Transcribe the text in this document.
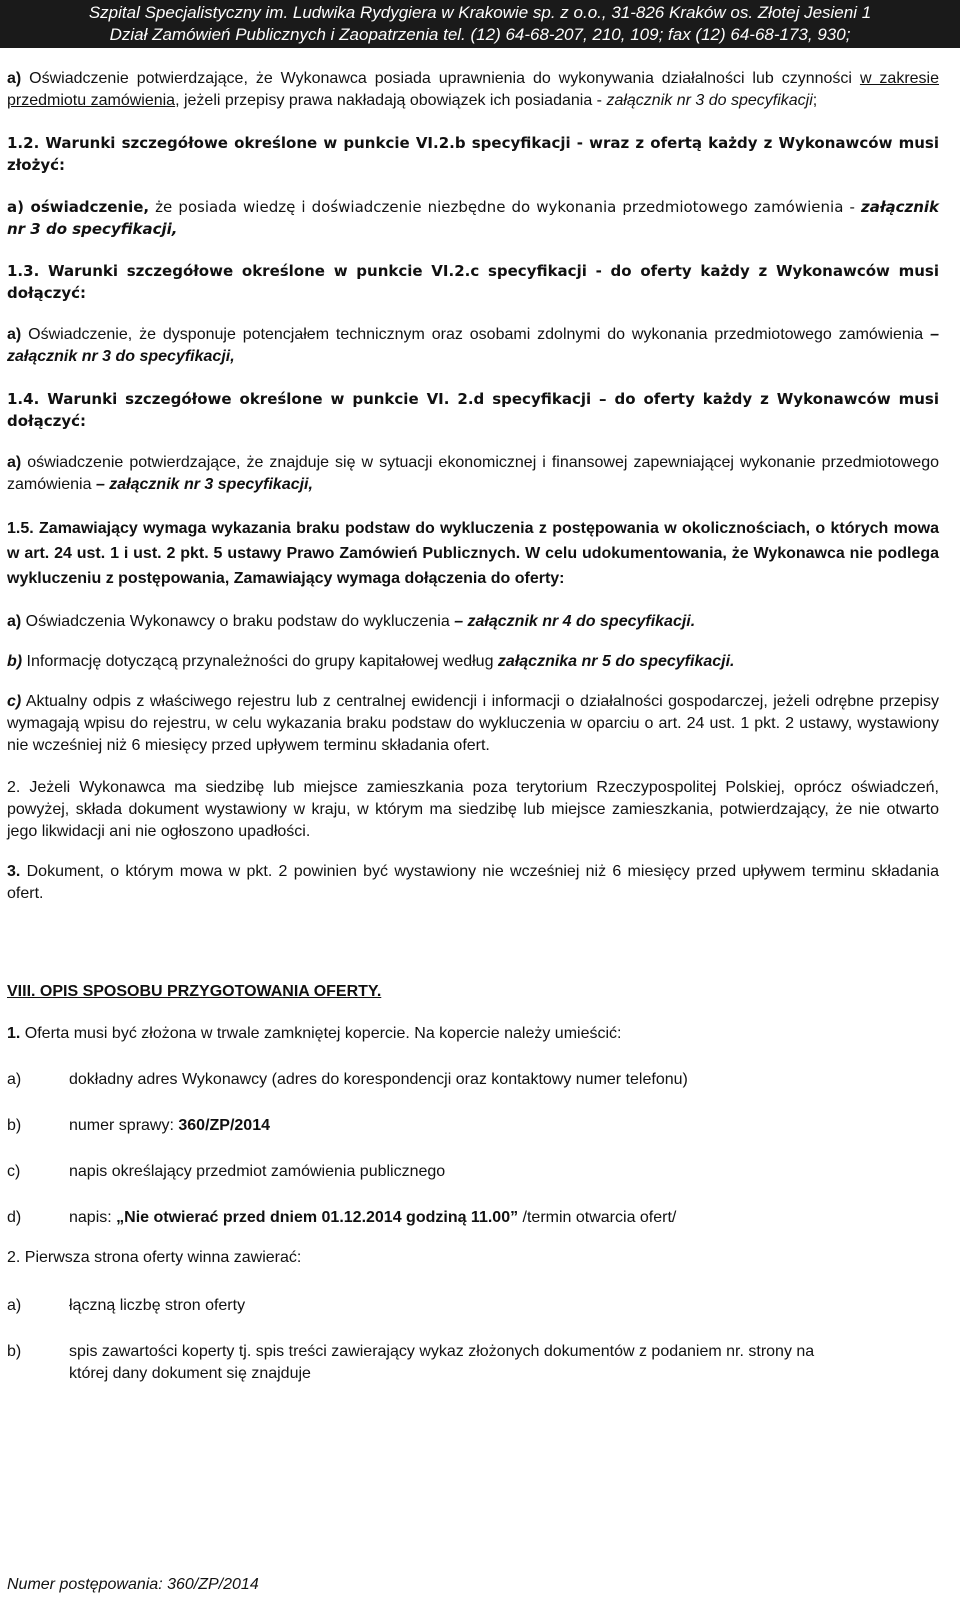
Szpital Specjalistyczny im. Ludwika Rydygiera w Krakowie sp. z o.o., 31-826 Kraków os. Złotej Jesieni 1
Dział Zamówień Publicznych i Zaopatrzenia tel. (12) 64-68-207, 210, 109; fax (12) 64-68-173, 930;

a) Oświadczenie potwierdzające, że Wykonawca posiada uprawnienia do wykonywania działalności lub czynności w zakresie przedmiotu zamówienia, jeżeli przepisy prawa nakładają obowiązek ich posiadania - załącznik nr 3 do specyfikacji;

1.2. Warunki szczegółowe określone w punkcie VI.2.b specyfikacji - wraz z ofertą każdy z Wykonawców musi złożyć:

a) oświadczenie, że posiada wiedzę i doświadczenie niezbędne do wykonania przedmiotowego zamówienia - załącznik nr 3 do specyfikacji,

1.3. Warunki szczegółowe określone w punkcie VI.2.c specyfikacji - do oferty każdy z Wykonawców musi dołączyć:

a) Oświadczenie, że dysponuje potencjałem technicznym oraz osobami zdolnymi do wykonania przedmiotowego zamówienia – załącznik nr 3 do specyfikacji,

1.4. Warunki szczegółowe określone w punkcie VI. 2.d specyfikacji – do oferty każdy z Wykonawców musi dołączyć:

a) oświadczenie potwierdzające, że znajduje się w sytuacji ekonomicznej i finansowej zapewniającej wykonanie przedmiotowego zamówienia – załącznik nr 3 specyfikacji,

1.5. Zamawiający wymaga wykazania braku podstaw do wykluczenia z postępowania w okolicznościach, o których mowa w art. 24 ust. 1 i ust. 2 pkt. 5 ustawy Prawo Zamówień Publicznych. W celu udokumentowania, że Wykonawca nie podlega wykluczeniu z postępowania, Zamawiający wymaga dołączenia do oferty:

a) Oświadczenia Wykonawcy o braku podstaw do wykluczenia – załącznik nr 4 do specyfikacji.

b) Informację dotyczącą przynależności do grupy kapitałowej według załącznika nr 5 do specyfikacji.

c) Aktualny odpis z właściwego rejestru lub z centralnej ewidencji i informacji o działalności gospodarczej, jeżeli odrębne przepisy wymagają wpisu do rejestru, w celu wykazania braku podstaw do wykluczenia w oparciu o art. 24 ust. 1 pkt. 2 ustawy, wystawiony nie wcześniej niż 6 miesięcy przed upływem terminu składania ofert.

2. Jeżeli Wykonawca ma siedzibę lub miejsce zamieszkania poza terytorium Rzeczypospolitej Polskiej, oprócz oświadczeń, powyżej, składa dokument wystawiony w kraju, w którym ma siedzibę lub miejsce zamieszkania, potwierdzający, że nie otwarto jego likwidacji ani nie ogłoszono upadłości.

3. Dokument, o którym mowa w pkt. 2 powinien być wystawiony nie wcześniej niż 6 miesięcy przed upływem terminu składania ofert.

VIII. OPIS SPOSOBU PRZYGOTOWANIA OFERTY.

1. Oferta musi być złożona w trwale zamkniętej kopercie. Na kopercie należy umieścić:

a)	dokładny adres Wykonawcy (adres do korespondencji oraz kontaktowy numer telefonu)
b)	numer sprawy: 360/ZP/2014
c)	napis określający przedmiot zamówienia publicznego
d)	napis: „Nie otwierać przed dniem 01.12.2014 godziną 11.00” /termin otwarcia ofert/

2. Pierwsza strona oferty winna zawierać:

a)	łączną liczbę stron oferty
b)	spis zawartości koperty tj. spis treści zawierający wykaz złożonych dokumentów z podaniem nr. strony na której dany dokument się znajduje
Numer postępowania: 360/ZP/2014
